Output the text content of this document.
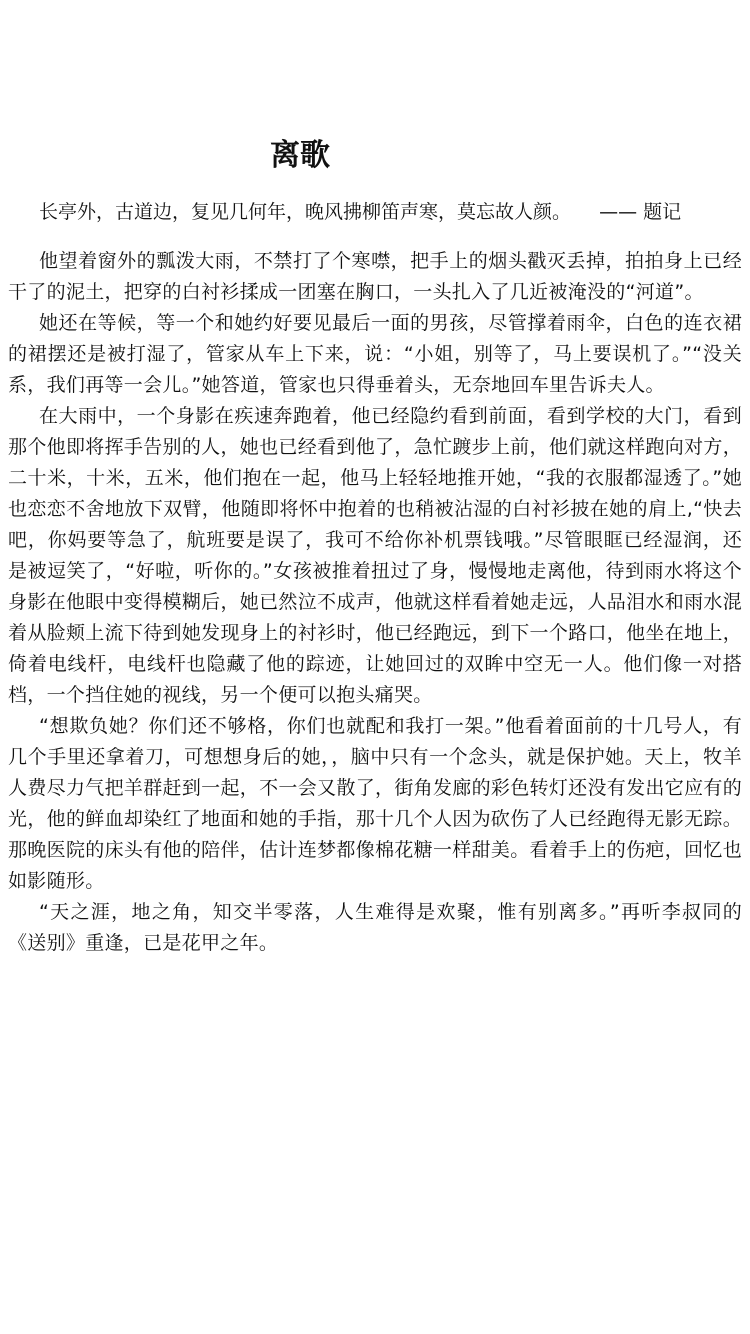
离歌
长亭外，古道边，复见几何年，晚风拂柳笛声寒，莫忘故人颜。 —— 题记

他望着窗外的瓢泼大雨，不禁打了个寒噤，把手上的烟头戳灭丢掉，拍拍身上已经干了的泥土，把穿的白衬衫揉成一团塞在胸口，一头扎入了几近被淹没的“河道”。

她还在等候，等一个和她约好要见最后一面的男孩，尽管撑着雨伞，白色的连衣裙的裙摆还是被打湿了，管家从车上下来，说：“小姐，别等了，马上要误机了。”“没关系，我们再等一会儿。”她答道，管家也只得垂着头，无奈地回车里告诉夫人。

在大雨中，一个身影在疾速奔跑着，他已经隐约看到前面，看到学校的大门，看到那个他即将挥手告别的人，她也已经看到他了，急忙踱步上前，他们就这样跑向对方，二十米，十米，五米，他们抱在一起，他马上轻轻地推开她，“我的衣服都湿透了。”她也恋恋不舍地放下双臂，他随即将怀中抱着的也稍被沾湿的白衬衫披在她的肩上,“快去吧，你妈要等急了，航班要是误了，我可不给你补机票钱哦。”尽管眼眶已经湿润，还是被逗笑了，“好啦，听你的。”女孩被推着扭过了身，慢慢地走离他，待到雨水将这个身影在他眼中变得模糊后，她已然泣不成声，他就这样看着她走远，人品泪水和雨水混着从脸颊上流下待到她发现身上的衬衫时，他已经跑远，到下一个路口，他坐在地上，倚着电线杆，电线杆也隐藏了他的踪迹，让她回过的双眸中空无一人。他们像一对搭档，一个挡住她的视线，另一个便可以抱头痛哭。

“想欺负她？你们还不够格，你们也就配和我打一架。”他看着面前的十几号人，有几个手里还拿着刀，可想想身后的她，，脑中只有一个念头，就是保护她。天上，牧羊人费尽力气把羊群赶到一起，不一会又散了，街角发廊的彩色转灯还没有发出它应有的光，他的鲜血却染红了地面和她的手指，那十几个人因为砍伤了人已经跑得无影无踪。那晚医院的床头有他的陪伴，估计连梦都像棉花糖一样甜美。看着手上的伤疤，回忆也如影随形。

“天之涯，地之角，知交半零落，人生难得是欢聚，惟有别离多。”再听李叔同的《送别》重逢，已是花甲之年。
